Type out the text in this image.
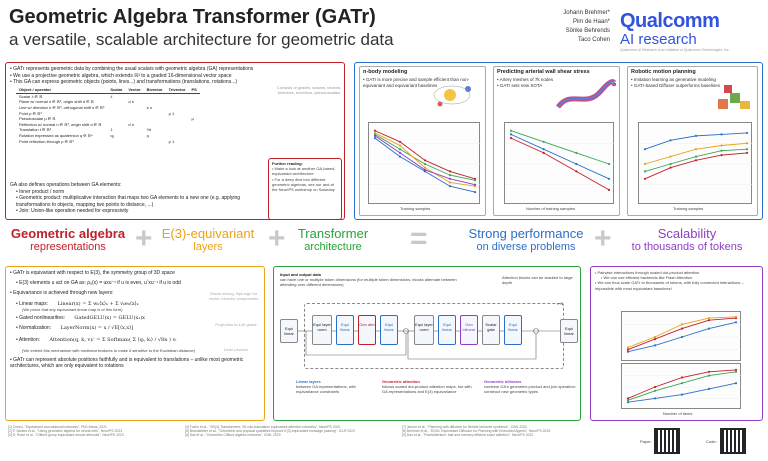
Geometric Algebra Transformer (GATr)
a versatile, scalable architecture for geometric data
Johann Brehmer*
Pim de Haan*
Sönke Behrends
Taco Cohen
Qualcomm
AI research
Qualcomm AI Research is an initiative of Qualcomm Technologies, Inc.
• GATr represents geometric data by combining the usual scalars with geometric algebra (GA) representations
• We use a projective geometric algebra, which extends ℝ³ to a graded 16-dimensional vector space
• This GA can express geometric objects (points, lines...) and transformations (translations, rotations...)
Consists of grades: scalars, vectors, bivectors, trivectors, pseudoscalars
Object / operator	Scalar	Vector	Bivector	Trivector	PS
Scalar λ ∈ ℝ	λ				
Plane w/ normal n ∈ ℝ³, origin shift d ∈ ℝ		d n			
Line w/ direction n ∈ ℝ³, orthogonal shift s ∈ ℝ³			s n		
Point p ∈ ℝ³				p 1	
Pseudoscalar μ ∈ ℝ					μ
Reflection w/ normal n ∈ ℝ³, origin shift d ∈ ℝ		d n			
Translation t ∈ ℝ³	1		½t		
Rotation expressed as quaternion q ∈ ℝ⁴	q₀		q		
Point reflection through p ∈ ℝ³				p 1	
Further reading:
• Make a look at another GA-based, equivariant architecture
• For a deep dive into different geometric algebras, see our and at the NeurIPS workshop on Saturday
GA also defines operations between GA elements:
• Inner product / norm
• Geometric product: multiplicative interaction that maps two GA elements to a new one (e.g. applying transformations to objects, mapping two points to distance, ...)
• Join: Union-like operation needed for expressivity
n-body modeling
• GATr is more precise and sample efficient than non-equivariant and equivariant baselines
Training samples
Predicting arterial wall shear stress
• Artery meshes of 7k nodes
• GATr sets new SOTA
Number of training samples
Robotic motion planning
• Imitation learning as generative modeling
• GATr-based Diffuser outperforms baselines
Training samples
Geometric algebra
representations + E(3)-equivariant
layers	+ Transformer
architecture	=	Strong performance
on diverse problems +	Scalability
to thousands of tokens
• GATr is equivariant with respect to E(3), the symmetry group of 3D space
• E(3) elements u act on GA as: ρᵤ(x) = uxu⁻¹ if u is even, uˆxu⁻¹ if u is odd
• Equivariance is achieved through new layers:
• Linear maps: Linear(x) = Σ wₖ⟨x⟩ₖ + Σ vₖe₀⟨x⟩ₖ
(We prove that any equivariant linear map is of this form)
• Gated nonlinearities: GatedGELU(x) = GELU(x₁)x
• Normalization: LayerNorm(x) = x / √E[⟨x,x⟩]
• Attention: Attention(q, k, v)ᵢ' = Σ Softmaxᵢ( Σ ⟨qᵢ, kᵢ⟩ / √8n ) vᵢ
(We extend this mechanism with nonlinear features to make it sensitive to the Euclidean distance)
• GATr can represent absolute positions faithfully and is equivalent to translations – unlike most geometric architectures, which are only equivalent to rotations
Grade mixing, flips sign for vector, bivector components
Projection to k-th grade
Inner product
Input and output data
can have one or multiple token dimensions (for multiple token dimensions, blocks alternate between attending over different dimensions)
Attention blocks can be stacked to large depth
× N
Equi linear
Equi layer norm
Equi linear
Geo attn	Equi linear
Equi layer norm
Equi linear
Geo bilinear
Scalar gate
Equi linear	Equi linear
Linear layers
between GA representations, with equivariance constraints
Geometric attention
follows scaled dot-product attention maps, but with GA representations and E(3) equivariance
Geometric bilinears
combine GA's geometric product and join operation: construct new geometric types
• Pairwise interactions through scaled dot-product attention
• We can use efficient backends like Flash Attention
• We can thus scale GATr to thousands of tokens, with fully connected interactions – impossible with most equivariant baselines!
Number of items
[1] Cohen, "Equivariant convolutional networks", PhD thesis, 2021
[2] P. Santos et al., "Using geometric algebra for neural nets", NeurIPS 2023
[3] D. Ruhe et al., "Clifford group equivariant neural networks", NeurIPS 2023
[4] Fuchs et al., "SE(3)-Transformers: 3D roto-translation equivariant attention networks", NeurIPS 2020
[5] Brandstetter et al., "Geometric and physical quantities improve E(3) equivariant message passing", ICLR 2022
[6] Suk et al., "Geometric Clifford algebra networks", ICML 2023
[7] Janner et al., "Planning with diffusion for flexible behavior synthesis", ICML 2022
[8] Brehmer et al., "EDGI: Equivariant Diffusion for Planning with Embodied Agents", NeurIPS 2023
[9] Dao et al., "FlashAttention: fast and memory-efficient exact attention", NeurIPS 2022
Paper:	Code:
